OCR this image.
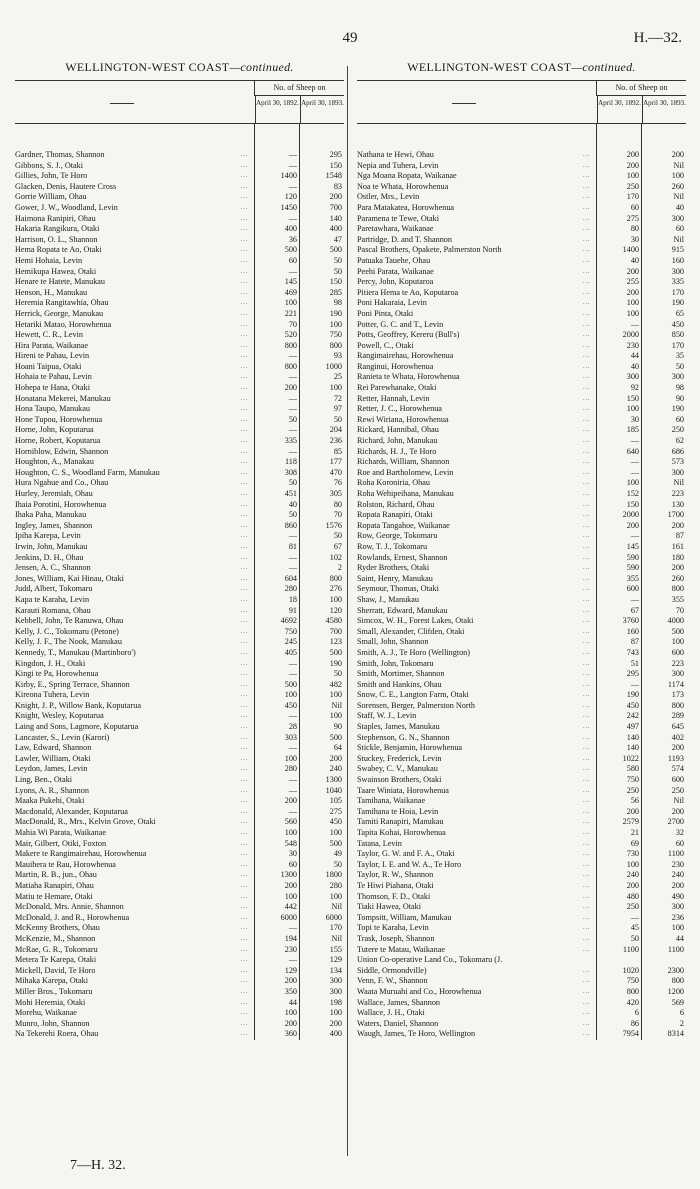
49	H.—32.
WELLINGTON-WEST COAST—continued.
No. of Sheep on
April 30, 1892. April 30, 1893.
Gardner, Thomas, Shannon	...	—	295
Gibbons, S. J., Otaki	...	—	150
Gillies, John, Te Horo	...	1400	1548
Glacken, Denis, Hautere Cross	...	—	83
Gorrie William, Ohau	...	120	200
Gower, J. W., Woodland, Levin	...	1450	700
Haimona Ranipiri, Ohau	...	—	140
Hakaria Rangikura, Otaki	...	400	400
Harrison, O. L., Shannon	...	36	47
Hema Ropata te Ao, Otaki	...	500	500
Hemi Hohaia, Levin	...	60	50
Hemikupa Hawea, Otaki	...	—	50
Henare te Hatete, Manukau	...	145	150
Henson, H., Manukau	...	469	285
Heremia Rangitawhia, Ohau	...	100	98
Herrick, George, Manukau	...	221	190
Hetariki Matao, Horowhenua	...	70	100
Hewett, C. R., Levin	...	520	750
Hira Parata, Waikanae	...	800	800
Hireni te Pahau, Levin	...	—	93
Hoani Taipua, Otaki	...	800	1000
Hohaia te Pahau, Levin	...	—	25
Hohepa te Hana, Otaki	...	200	100
Honatana Mekerei, Manukau	...	—	72
Hona Taupo, Manukau	...	—	97
Hone Tupou, Horowhenua	...	50	50
Horne, John, Koputarua	...	—	204
Horne, Robert, Koputarua	...	335	236
Horniblow, Edwin, Shannon	...	—	85
Houghton, A., Manakau	...	118	177
Houghton, C. S., Woodland Farm, Manukau	...	308	470
Hura Ngahue and Co., Ohau	...	50	76
Hurley, Jeremiah, Ohau	...	451	305
Ihaia Porotini, Horowhenua	...	40	80
Ihaka Paha, Manukau	...	50	70
Ingley, James, Shannon	...	860	1576
Ipiha Karepa, Levin	...	—	50
Irwin, John, Manukau	...	81	67
Jenkins, D. H., Ohau	...	—	102
Jensen, A. C., Shannon	...	—	2
Jones, William, Kai Hinau, Otaki	...	604	800
Judd, Albert, Tokomaru	...	280	276
Kapa te Karaha, Levin	...	18	100
Karauti Romana, Ohau	...	91	120
Kebbell, John, Te Ranuwa, Ohau	...	4692	4580
Kelly, J. C., Tokomaru (Petone)	...	750	700
Kelly, J. F., The Nook, Manukau	...	245	123
Kennedy, T., Manukau (Martinboro')	...	405	500
Kingdon, J. H., Otaki	...	—	190
Kingi te Pa, Horowhenua	...	—	50
Kirby, E., Spring Terrace, Shannon	...	500	482
Kireona Tuhera, Levin	...	100	100
Knight, J. P., Willow Bank, Koputarua	...	450	Nil
Knight, Wesley, Koputarua	...	—	100
Laing and Sons, Lagmore, Koputarua	...	28	90
Lancaster, S., Levin (Karori)	...	303	500
Law, Edward, Shannon	...	—	64
Lawler, William, Otaki	...	100	200
Leydon, James, Levin	...	280	240
Ling, Ben., Otaki	...	—	1300
Lyons, A. R., Shannon	...	—	1040
Maaka Pukehi, Otaki	...	200	105
Macdonald, Alexander, Koputarua	...	—	275
MacDonald, R., Mrs., Kelvin Grove, Otaki	...	560	450
Mahia Wi Parata, Waikanae	...	100	100
Mair, Gilbert, Otiki, Foxton	...	548	500
Makere te Rangimairehau, Horowhenua	...	30	49
Mauihera te Rau, Horowhenua	...	60	50
Martin, R. B., jun., Ohau	...	1300	1800
Matiaha Ranapiri, Ohau	...	200	280
Matiu te Hemare, Otaki	...	100	100
McDonald, Mrs. Annie, Shannon	...	442	Nil
McDonald, J. and R., Horowhenua	...	6000	6000
McKenny Brothers, Ohau	...	—	170
McKenzie, M., Shannon	...	194	Nil
McRae, G. R., Tokomaru	...	230	155
Metera Te Karepa, Otaki	...	—	129
Mickell, David, Te Horo	...	129	134
Mihaka Karepa, Otaki	...	200	300
Miller Bros., Tokomaru	...	350	300
Mohi Heremia, Otaki	...	44	198
Morehu, Waikanae	...	100	100
Munro, John, Shannon	...	200	200
Na Tekerehi Roera, Ohau	...	360	400
WELLINGTON-WEST COAST—continued.
No. of Sheep on
April 30, 1892. April 30, 1893.
Nathana te Hewi, Ohau	...	200	200
Nepia and Tuhera, Levin	...	200	Nil
Nga Moana Ropata, Waikanae	...	100	100
Noa te Whata, Horowhenua	...	250	260
Ostler, Mrs., Levin	...	170	Nil
Para Matakatea, Horowhenua	...	60	40
Paramena te Tewe, Otaki	...	275	300
Paretawhara, Waikanae	...	80	60
Partridge, D. and T. Shannon	...	30	Nil
Pascal Brothers, Opakete, Palmerston North	...	1400	915
Patuaka Tauehe, Ohau	...	40	160
Peehi Parata, Waikanae	...	200	300
Percy, John, Koputaroa	...	255	335
Pitiera Hema te Ao, Koputaroa	...	200	170
Poni Hakaraia, Levin	...	100	190
Poni Pinta, Otaki	...	100	65
Potter, G. C. and T., Levin	...	—	450
Potts, Geoffrey, Kereru (Bull's)	...	2000	850
Powell, C., Otaki	...	230	170
Rangimairehau, Horowhenua	...	44	35
Ranginui, Horowhenua	...	40	50
Ranieta te Whata, Horowhenua	...	300	300
Rei Parewhanake, Otaki	...	92	98
Retter, Hannah, Levin	...	150	90
Retter, J. C., Horowhenua	...	100	190
Rewi Wiriana, Horowhenua	...	30	60
Rickard, Hannibal, Ohau	...	185	250
Richard, John, Manukau	...	—	62
Richards, H. J., Te Horo	...	640	686
Richards, William, Shannon	...	—	573
Roe and Bartholomew, Levin	...	—	300
Roha Koroniria, Ohau	...	100	Nil
Roha Wehipeihana, Manukau	...	152	223
Rolston, Richard, Ohau	...	150	130
Ropata Ranapiri, Otaki	...	2000	1700
Ropata Tangahoe, Waikanae	...	200	200
Row, George, Tokomaru	...	—	87
Row, T. J., Tokomaru	...	145	161
Rowlands, Ernest, Shannon	...	590	180
Ryder Brothers, Otaki	...	590	200
Saint, Henry, Manukau	...	355	260
Seymour, Thomas, Otaki	...	600	800
Shaw, J., Manukau	...	—	355
Sherratt, Edward, Manukau	...	67	70
Simcox, W. H., Forest Lakes, Otaki	...	3760	4000
Small, Alexander, Clifden, Otaki	...	160	500
Small, John, Shannon	...	87	100
Smith, A. J., Te Horo (Wellington)	...	743	600
Smith, John, Tokomaru	...	51	223
Smith, Mortimer, Shannon	...	295	300
Smith and Hankins, Ohau	...	—	1174
Snow, C. E., Langton Farm, Otaki	...	190	173
Sorensen, Berger, Palmerston North	...	450	800
Staff, W. J., Levin	...	242	289
Staples, James, Manukau	...	497	645
Stephenson, G. N., Shannon	...	140	402
Stickle, Benjamin, Horowhenua	...	140	200
Stuckey, Frederick, Levin	...	1022	1193
Swabey, C. V., Manukau	...	580	574
Swainson Brothers, Otaki	...	750	600
Taare Winiata, Horowhenua	...	250	250
Tamihana, Waikanae	...	56	Nil
Tamihana te Hoia, Levin	...	200	200
Tamiti Ranapiri, Manukau	...	2579	2700
Tapita Kohai, Horowhenua	...	21	32
Tatana, Levin	...	69	60
Taylor, G. W. and F. A., Otaki	...	730	1100
Taylor, I. E. and W. A., Te Horo	...	100	230
Taylor, R. W., Shannon	...	240	240
Te Hiwi Piahana, Otaki	...	200	200
Thomson, F. D., Otaki	...	480	490
Tiaki Hawea, Otaki	...	250	300
Tompsitt, William, Manukau	...	—	236
Topi te Karaha, Levin	...	45	100
Trask, Joseph, Shannon	...	50	44
Tutere te Matau, Waikanae	...	1100	1100
Union Co-operative Land Co., Tokomaru (J.
Siddle, Ormondville)	...	1020	2300
Venn, F. W., Shannon	...	750	800
Waata Muruahi and Co., Horowhenua	...	800	1200
Wallace, James, Shannon	...	420	569
Wallace, J. H., Otaki	...	6	6
Waters, Daniel, Shannon	...	86	2
Waugh, James, Te Horo, Wellington	...	7954	8314
7—H. 32.
